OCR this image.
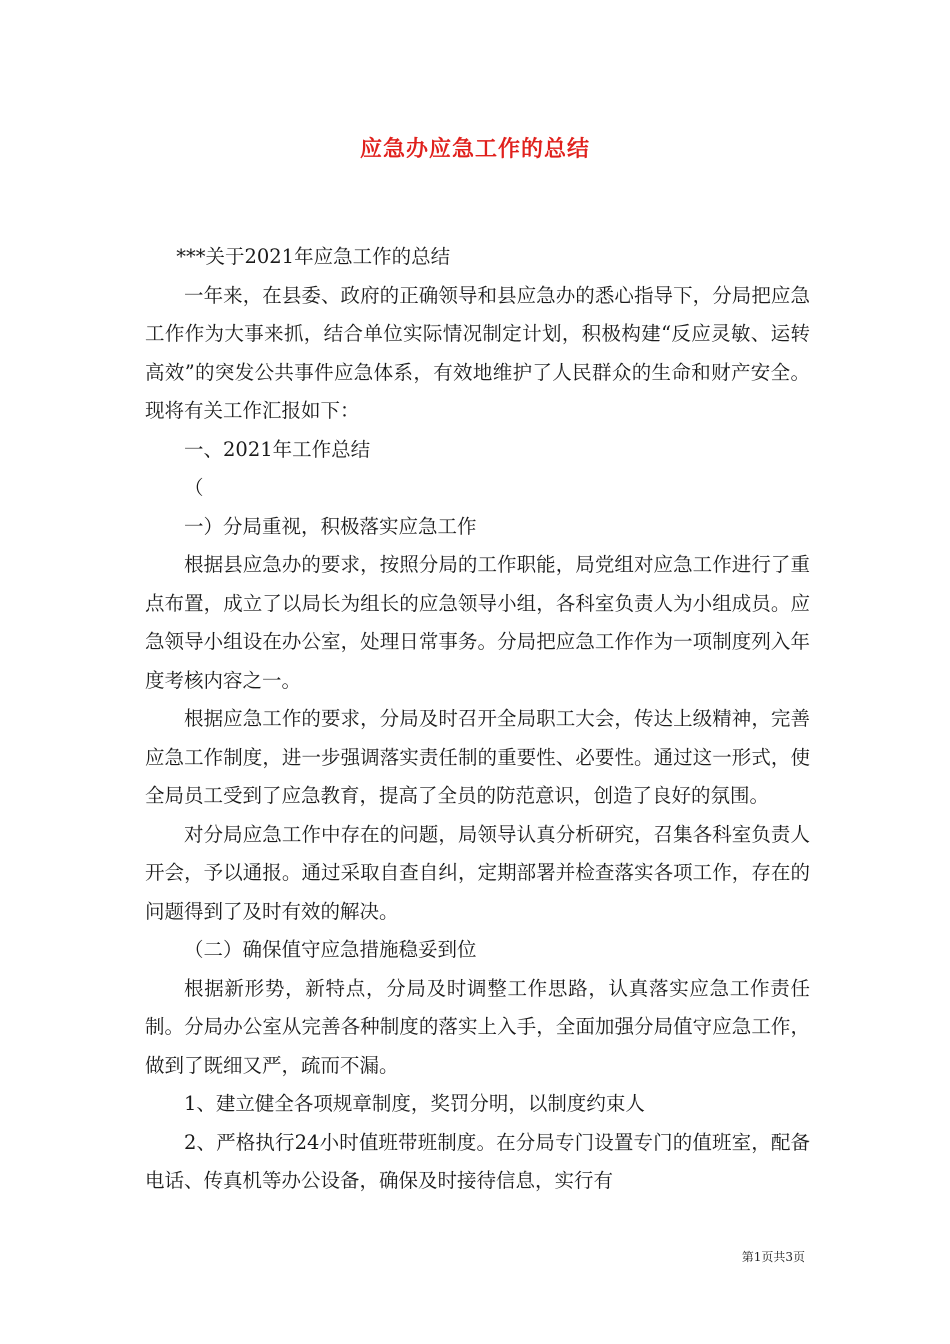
应急办应急工作的总结

***关于2021年应急工作的总结

一年来，在县委、政府的正确领导和县应急办的悉心指导下，分局把应急工作作为大事来抓，结合单位实际情况制定计划，积极构建“反应灵敏、运转高效”的突发公共事件应急体系，有效地维护了人民群众的生命和财产安全。现将有关工作汇报如下：

一、2021年工作总结

（

一）分局重视，积极落实应急工作

根据县应急办的要求，按照分局的工作职能，局党组对应急工作进行了重点布置，成立了以局长为组长的应急领导小组，各科室负责人为小组成员。应急领导小组设在办公室，处理日常事务。分局把应急工作作为一项制度列入年度考核内容之一。

根据应急工作的要求，分局及时召开全局职工大会，传达上级精神，完善应急工作制度，进一步强调落实责任制的重要性、必要性。通过这一形式，使全局员工受到了应急教育，提高了全员的防范意识，创造了良好的氛围。

对分局应急工作中存在的问题，局领导认真分析研究，召集各科室负责人开会，予以通报。通过采取自查自纠，定期部署并检查落实各项工作，存在的问题得到了及时有效的解决。

（二）确保值守应急措施稳妥到位

根据新形势，新特点，分局及时调整工作思路，认真落实应急工作责任制。分局办公室从完善各种制度的落实上入手，全面加强分局值守应急工作，做到了既细又严，疏而不漏。

1、建立健全各项规章制度，奖罚分明，以制度约束人

2、严格执行24小时值班带班制度。在分局专门设置专门的值班室，配备电话、传真机等办公设备，确保及时接待信息，实行有

第1页共3页
